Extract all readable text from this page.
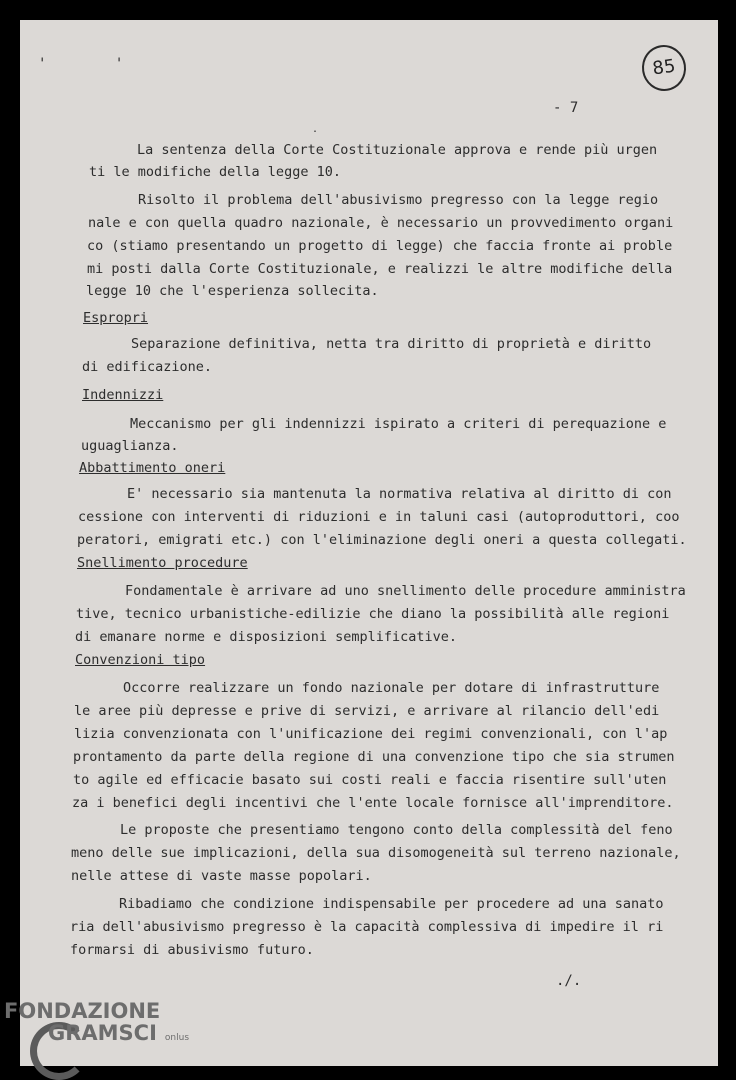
' '	85
- 7
.

La sentenza della Corte Costituzionale approva e rende più urgen

ti le modifiche della legge 10.

Risolto il problema dell'abusivismo pregresso con la legge regio

nale e con quella quadro nazionale, è necessario un provvedimento organi

co (stiamo presentando un progetto di legge) che faccia fronte ai proble

mi posti dalla Corte Costituzionale, e realizzi le altre modifiche della

legge 10 che l'esperienza sollecita.

Espropri

Separazione definitiva, netta tra diritto di proprietà e diritto

di edificazione.

Indennizzi

Meccanismo per gli indennizzi ispirato a criteri di perequazione e

uguaglianza.

Abbattimento oneri

E' necessario sia mantenuta la normativa relativa al diritto di con

cessione con interventi di riduzioni e in taluni casi (autoproduttori, coo

peratori, emigrati etc.) con l'eliminazione degli oneri a questa collegati.

Snellimento procedure

Fondamentale è arrivare ad uno snellimento delle procedure amministra

tive, tecnico urbanistiche-edilizie che diano la possibilità alle regioni

di emanare norme e disposizioni semplificative.

Convenzioni tipo

Occorre realizzare un fondo nazionale per dotare di infrastrutture

le aree più depresse e prive di servizi, e arrivare al rilancio dell'edi

lizia convenzionata con l'unificazione dei regimi convenzionali, con l'ap

prontamento da parte della regione di una convenzione tipo che sia strumen

to agile ed efficacie basato sui costi reali e faccia risentire sull'uten

za i benefici degli incentivi che l'ente locale fornisce all'imprenditore.

Le proposte che presentiamo tengono conto della complessità del feno

meno delle sue implicazioni, della sua disomogeneità sul terreno nazionale,

nelle attese di vaste masse popolari.

Ribadiamo che condizione indispensabile per procedere ad una sanato

ria dell'abusivismo pregresso è la capacità complessiva di impedire il ri

formarsi di abusivismo futuro.

./.
FONDAZIONE
GRAMSCI onlus
